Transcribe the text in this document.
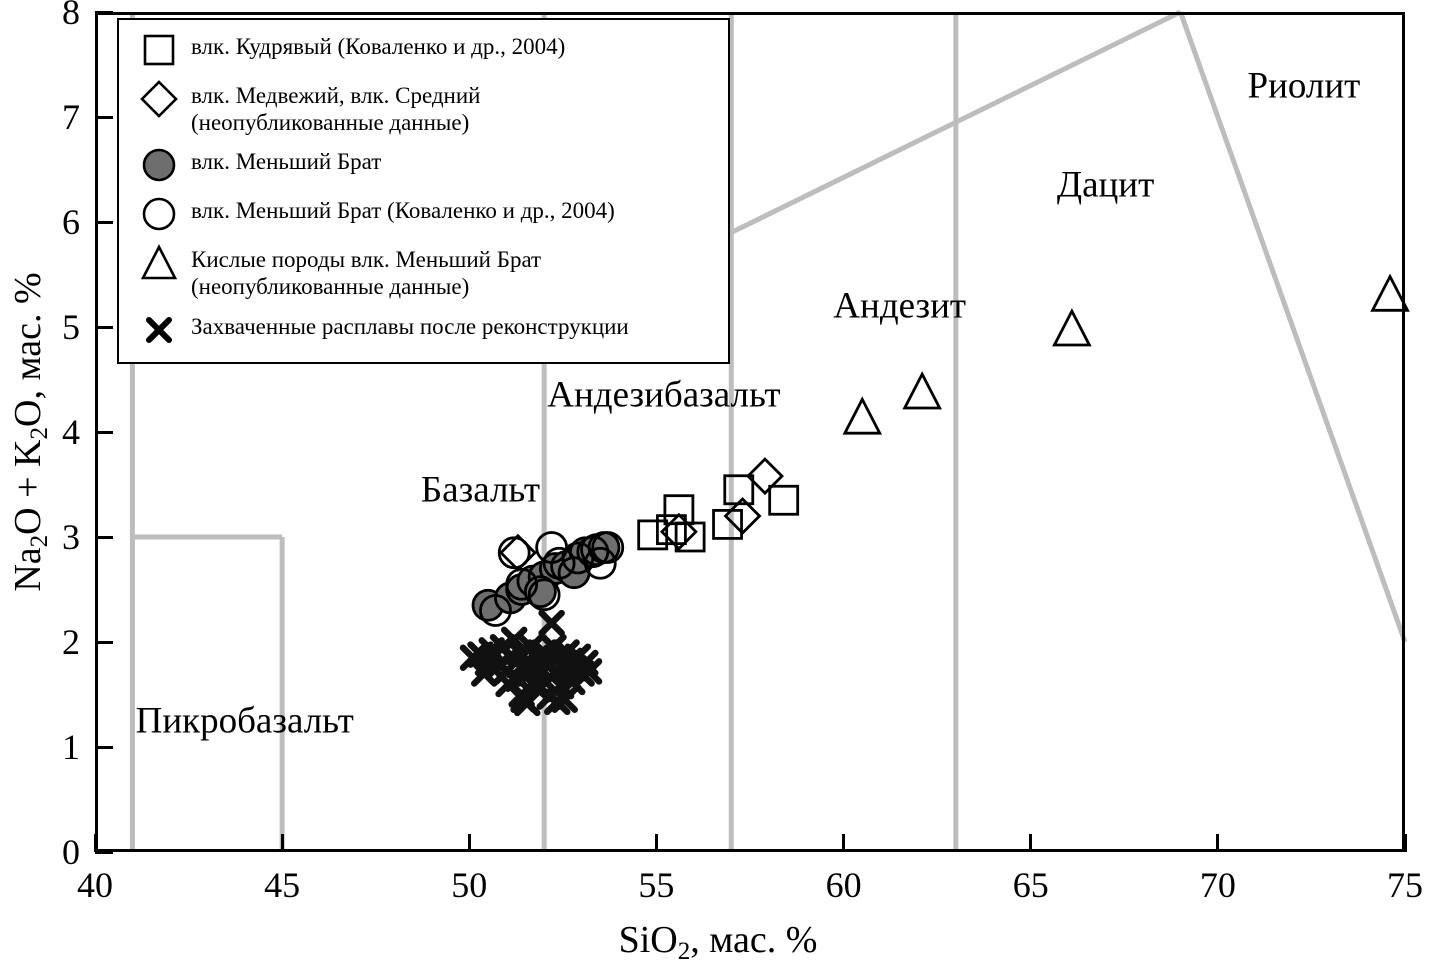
Пикробазальт
Базальт
Андезибазальт
Андезит
Дацит
Риолит
влк. Кудрявый (Коваленко и др., 2004)
влк. Медвежий, влк. Средний
(неопубликованные данные)
влк. Меньший Брат
влк. Меньший Брат (Коваленко и др., 2004)
Кислые породы влк. Меньший Брат
(неопубликованные данные)
Захваченные расплавы после реконструкции
$Na_2O + K_2O$, мас. %
SiO$_2$, мас. %
40	45	50	55	60	65	70	75
0
1
2
3
4
5
6
7
8
